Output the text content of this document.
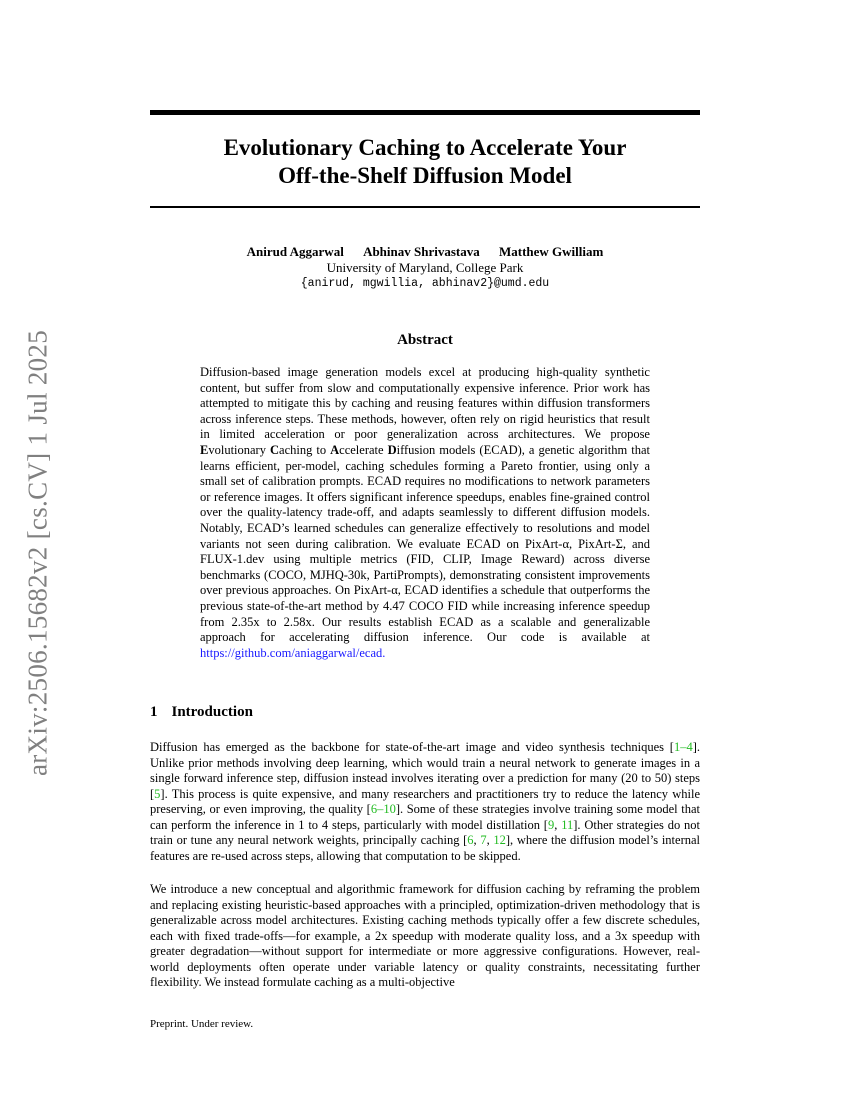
arXiv:2506.15682v2 [cs.CV] 1 Jul 2025
Evolutionary Caching to Accelerate Your
Off-the-Shelf Diffusion Model
Anirud Aggarwal Abhinav Shrivastava Matthew Gwilliam
University of Maryland, College Park
{anirud, mgwillia, abhinav2}@umd.edu
Abstract

Diffusion-based image generation models excel at producing high-quality synthetic content, but suffer from slow and computationally expensive inference. Prior work has attempted to mitigate this by caching and reusing features within diffusion transformers across inference steps. These methods, however, often rely on rigid heuristics that result in limited acceleration or poor generalization across architectures. We propose Evolutionary Caching to Accelerate Diffusion models (ECAD), a genetic algorithm that learns efficient, per-model, caching schedules forming a Pareto frontier, using only a small set of calibration prompts. ECAD requires no modifications to network parameters or reference images. It offers significant inference speedups, enables fine-grained control over the quality-latency trade-off, and adapts seamlessly to different diffusion models. Notably, ECAD’s learned schedules can generalize effectively to resolutions and model variants not seen during calibration. We evaluate ECAD on PixArt-α, PixArt-Σ, and FLUX-1.dev using multiple metrics (FID, CLIP, Image Reward) across diverse benchmarks (COCO, MJHQ-30k, PartiPrompts), demonstrating consistent improvements over previous approaches. On PixArt-α, ECAD identifies a schedule that outperforms the previous state-of-the-art method by 4.47 COCO FID while increasing inference speedup from 2.35x to 2.58x. Our results establish ECAD as a scalable and generalizable approach for accelerating diffusion inference. Our code is available at https://github.com/aniaggarwal/ecad.

1 Introduction

Diffusion has emerged as the backbone for state-of-the-art image and video synthesis techniques [1–4]. Unlike prior methods involving deep learning, which would train a neural network to generate images in a single forward inference step, diffusion instead involves iterating over a prediction for many (20 to 50) steps [5]. This process is quite expensive, and many researchers and practitioners try to reduce the latency while preserving, or even improving, the quality [6–10]. Some of these strategies involve training some model that can perform the inference in 1 to 4 steps, particularly with model distillation [9, 11]. Other strategies do not train or tune any neural network weights, principally caching [6, 7, 12], where the diffusion model’s internal features are re-used across steps, allowing that computation to be skipped.

We introduce a new conceptual and algorithmic framework for diffusion caching by reframing the problem and replacing existing heuristic-based approaches with a principled, optimization-driven methodology that is generalizable across model architectures. Existing caching methods typically offer a few discrete schedules, each with fixed trade-offs—for example, a 2x speedup with moderate quality loss, and a 3x speedup with greater degradation—without support for intermediate or more aggressive configurations. However, real-world deployments often operate under variable latency or quality constraints, necessitating further flexibility. We instead formulate caching as a multi-objective

Preprint. Under review.
